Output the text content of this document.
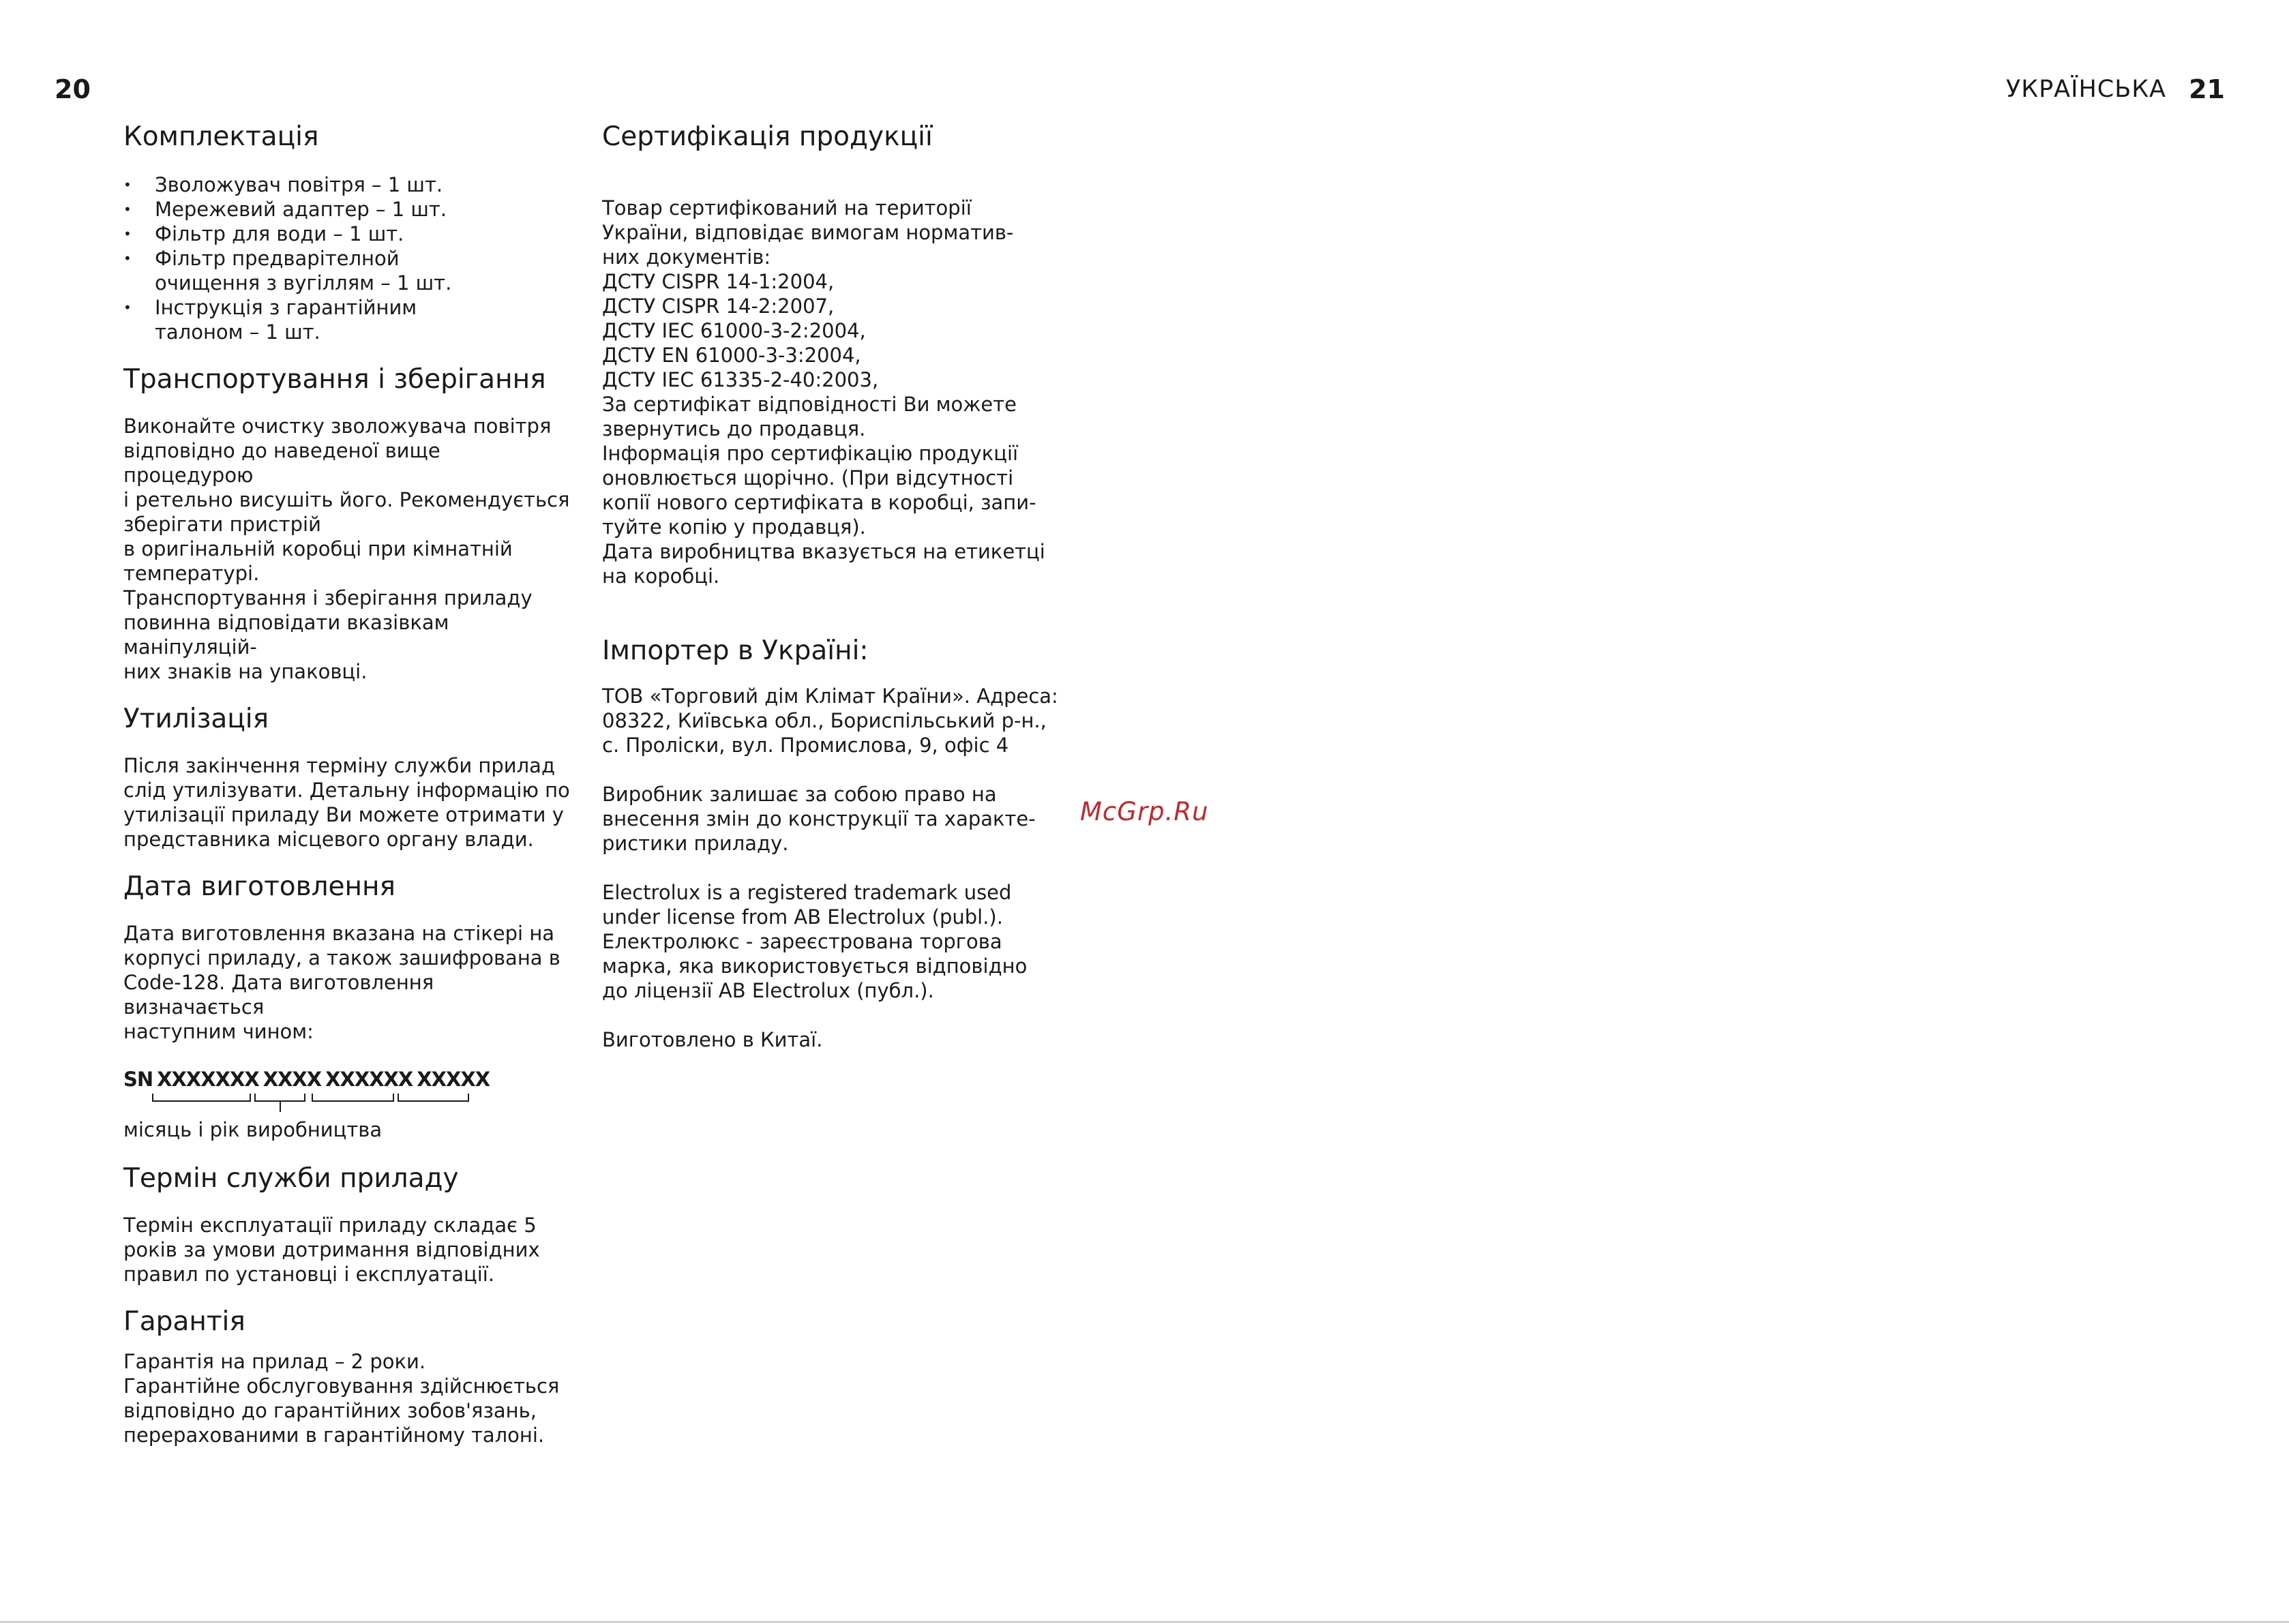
20	УКРАЇНСЬКА 21
Комплектація
• Зволожувач повітря – 1 шт.
• Мережевий адаптер – 1 шт.
• Фільтр для води – 1 шт.
• Фільтр предварітелной
очищення з вугіллям – 1 шт.
• Інструкція з гарантійним
талоном – 1 шт.
Транспортування і зберігання

Виконайте очистку зволожувача повітря
відповідно до наведеної вище процедурою
і ретельно висушіть його. Рекомендується
зберігати пристрій
в оригінальній коробці при кімнатній
температурі.
Транспортування і зберігання приладу
повинна відповідати вказівкам маніпуляцій-
них знаків на упаковці.

Утилізація

Після закінчення терміну служби прилад
слід утилізувати. Детальну інформацію по
утилізації приладу Ви можете отримати у
представника місцевого органу влади.

Дата виготовлення

Дата виготовлення вказана на стікері на
корпусі приладу, а також зашифрована в
Code-128. Дата виготовлення визначається
наступним чином:

SN XXXXXXX XXXX XXXXXX XXXXX

місяць і рік виробництва

Термін служби приладу

Термін експлуатації приладу складає 5
років за умови дотримання відповідних
правил по установці і експлуатації.

Гарантія

Гарантія на прилад – 2 роки.
Гарантійне обслуговування здійснюється
відповідно до гарантійних зобов'язань,
перерахованими в гарантійному талоні.

Сертифікація продукції

Товар сертифікований на території
України, відповідає вимогам норматив-
них документів:
ДСТУ CISPR 14-1:2004,
ДСТУ CISPR 14-2:2007,
ДСТУ IEC 61000-3-2:2004,
ДСТУ EN 61000-3-3:2004,
ДСТУ IEC 61335-2-40:2003,
За сертифікат відповідності Ви можете
звернутись до продавця.
Інформація про сертифікацію продукції
оновлюється щорічно. (При відсутності
копії нового сертифіката в коробці, запи-
туйте копію у продавця).
Дата виробництва вказується на етикетці
на коробці.

Імпортер в Україні:

ТОВ «Торговий дім Клімат Країни». Адреса:
08322, Київська обл., Бориспільський р-н.,
с. Пролiски, вул. Промислова, 9, офіс 4

Виробник залишає за собою право на
внесення змін до конструкції та характе-
ристики приладу.

Electrolux is a registered trademark used
under license from AB Electrolux (publ.).
Електролюкс - зареєстрована торгова
марка, яка використовується відповідно
до ліцензії AB Electrolux (публ.).

Виготовлено в Китаї.

McGrp.Ru
